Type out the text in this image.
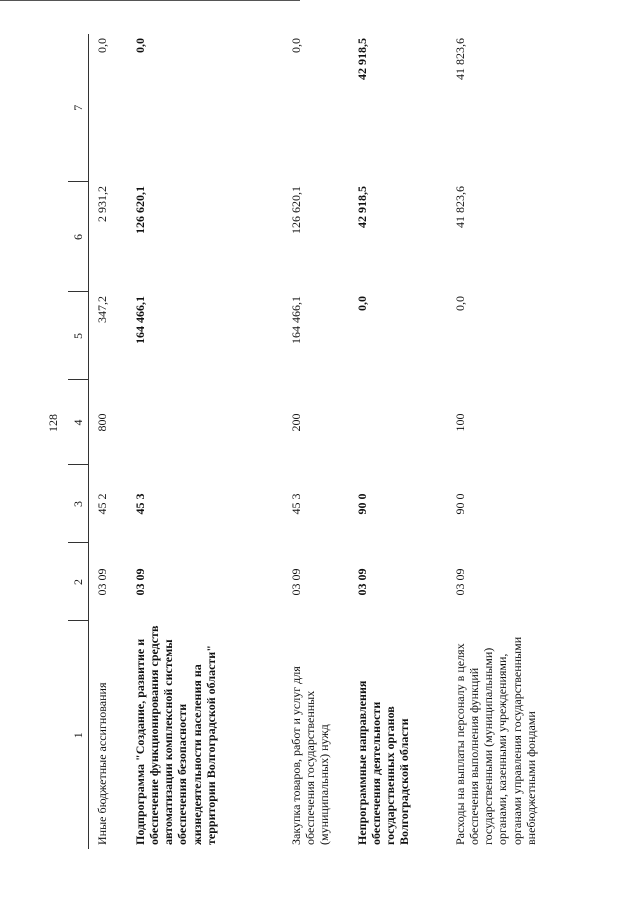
128
1	2	3	4	5	6	7
Иные бюджетные ассигнования	03 09	45 2	800	347,2	2 931,2	0,0
Подпрограмма "Создание, развитие и обеспечение функционирования средств автоматизации комплексной системы обеспечения безопасности жизнедеятельности населения на территории Волгоградской области"	03 09	45 3		164 466,1	126 620,1	0,0
Закупка товаров, работ и услуг для обеспечения государственных (муниципальных) нужд	03 09	45 3	200	164 466,1	126 620,1	0,0
Непрограммные направления обеспечения деятельности государственных органов Волгоградской области	03 09	90 0		0,0	42 918,5	42 918,5
Расходы на выплаты персоналу в целях обеспечения выполнения функций государственными (муниципальными) органами, казенными учреждениями, органами управления государственными внебюджетными фондами	03 09	90 0	100	0,0	41 823,6	41 823,6
